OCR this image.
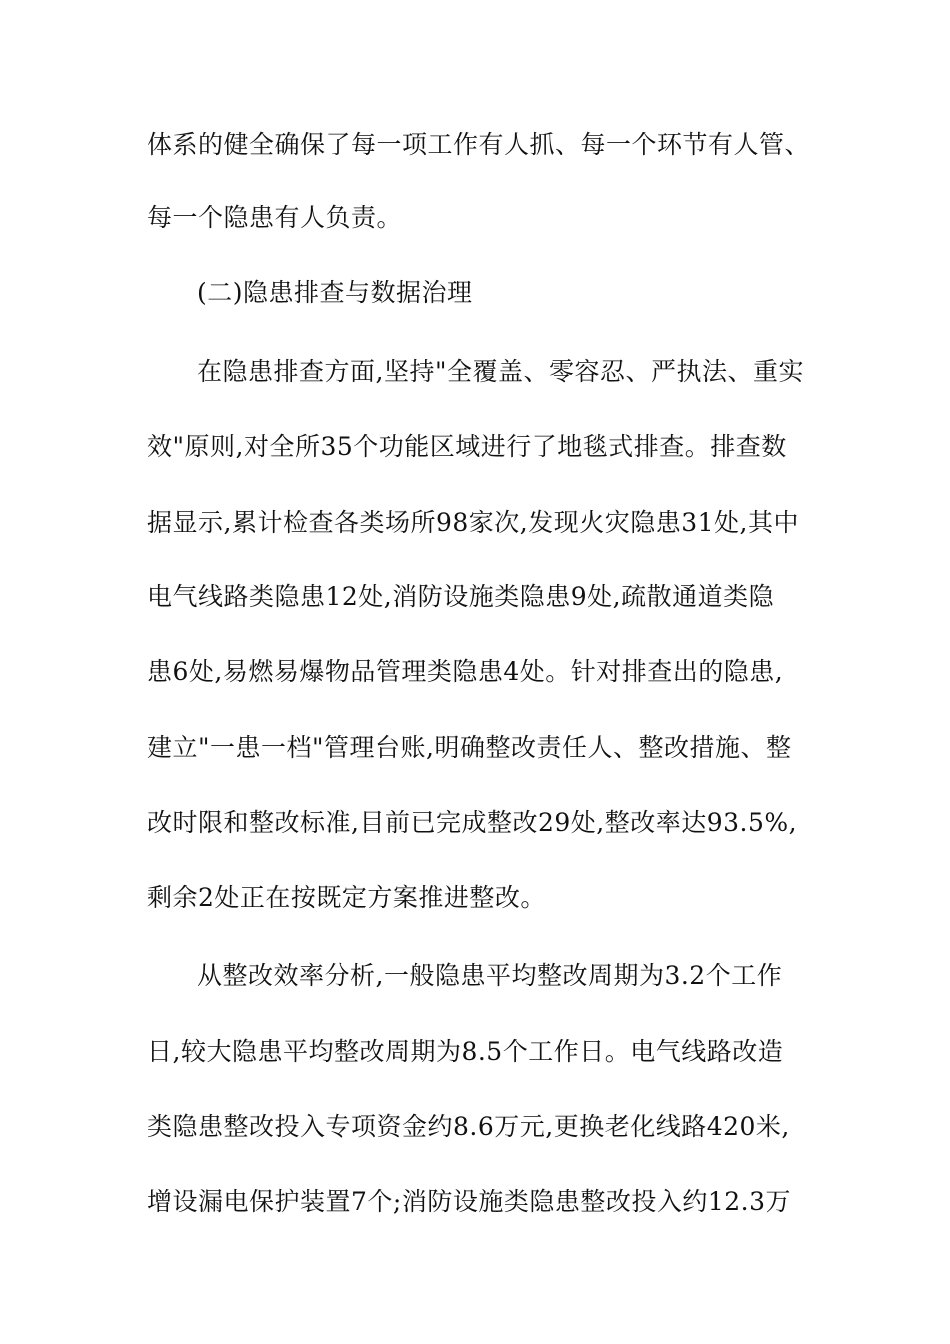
体系的健全确保了每一项工作有人抓、每一个环节有人管、
每一个隐患有人负责。
(二)隐患排查与数据治理
在隐患排查方面,坚持"全覆盖、零容忍、严执法、重实
效"原则,对全所35个功能区域进行了地毯式排查。排查数
据显示,累计检查各类场所98家次,发现火灾隐患31处,其中
电气线路类隐患12处,消防设施类隐患9处,疏散通道类隐
患6处,易燃易爆物品管理类隐患4处。针对排查出的隐患,
建立"一患一档"管理台账,明确整改责任人、整改措施、整
改时限和整改标准,目前已完成整改29处,整改率达93.5%,
剩余2处正在按既定方案推进整改。
从整改效率分析,一般隐患平均整改周期为3.2个工作
日,较大隐患平均整改周期为8.5个工作日。电气线路改造
类隐患整改投入专项资金约8.6万元,更换老化线路420米,
增设漏电保护装置7个;消防设施类隐患整改投入约12.3万
